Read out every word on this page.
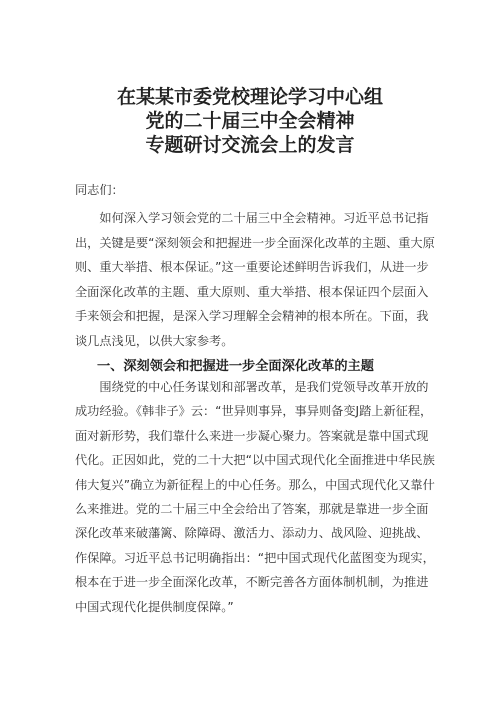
在某某市委党校理论学习中心组
党的二十届三中全会精神
专题研讨交流会上的发言

同志们：

如何深入学习领会党的二十届三中全会精神。习近平总书记指出，关键是要“深刻领会和把握进一步全面深化改革的主题、重大原则、重大举措、根本保证。”这一重要论述鲜明告诉我们，从进一步全面深化改革的主题、重大原则、重大举措、根本保证四个层面入手来领会和把握，是深入学习理解全会精神的根本所在。下面，我谈几点浅见，以供大家参考。

一、深刻领会和把握进一步全面深化改革的主题

围绕党的中心任务谋划和部署改革，是我们党领导改革开放的成功经验。《韩非子》云：“世异则事异，事异则备变J踏上新征程，面对新形势，我们靠什么来进一步凝心聚力。答案就是靠中国式现代化。正因如此，党的二十大把“以中国式现代化全面推进中华民族伟大复兴”确立为新征程上的中心任务。那么，中国式现代化又靠什么来推进。党的二十届三中全会给出了答案，那就是靠进一步全面深化改革来破藩篱、除障碍、激活力、添动力、战风险、迎挑战、作保障。习近平总书记明确指出：“把中国式现代化蓝图变为现实，根本在于进一步全面深化改革，不断完善各方面体制机制，为推进中国式现代化提供制度保障。”
